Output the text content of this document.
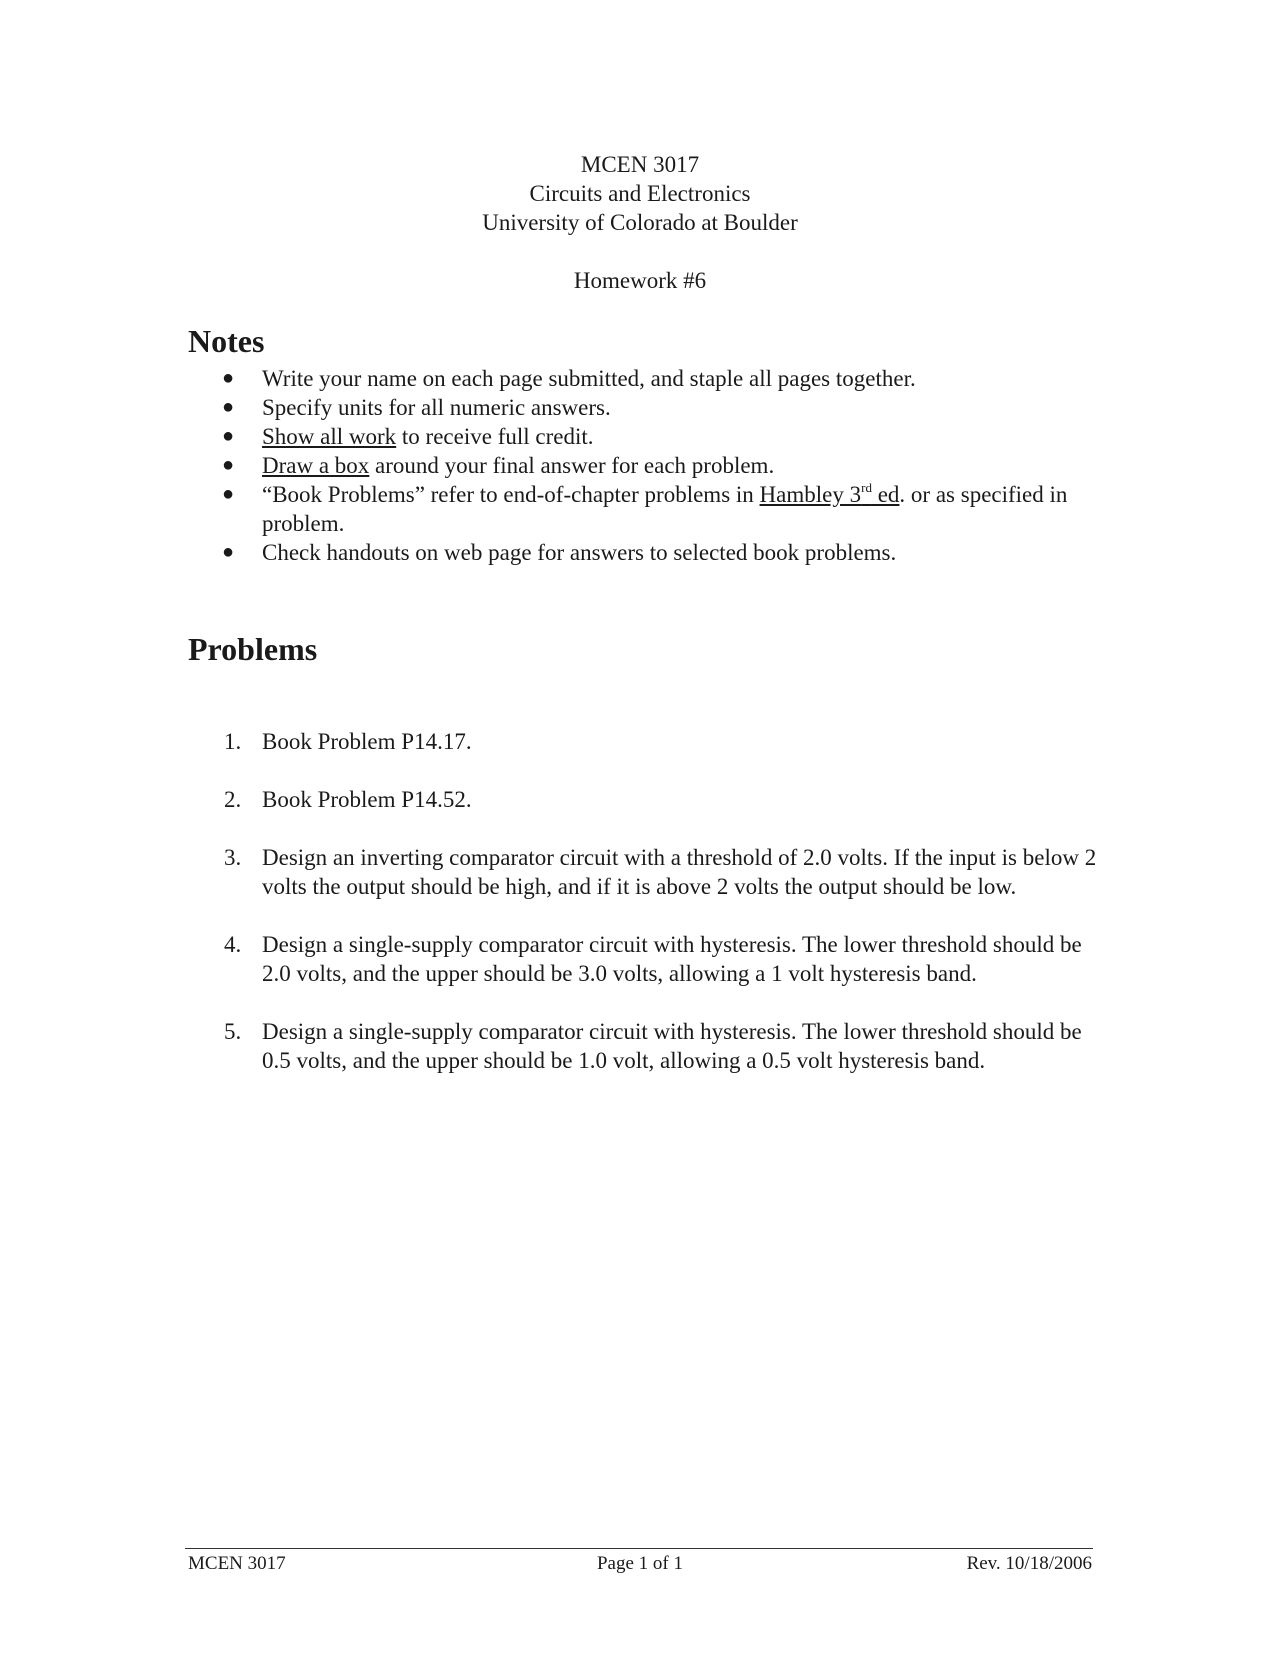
MCEN 3017
Circuits and Electronics
University of Colorado at Boulder
Homework #6
Notes

● Write your name on each page submitted, and staple all pages together.

● Specify units for all numeric answers.

● Show all work to receive full credit.

● Draw a box around your final answer for each problem.

● “Book Problems” refer to end-of-chapter problems in Hambley 3rd ed. or as specified in problem.

● Check handouts on web page for answers to selected book problems.

Problems

1. Book Problem P14.17.

2. Book Problem P14.52.

3. Design an inverting comparator circuit with a threshold of 2.0 volts. If the input is below 2 volts the output should be high, and if it is above 2 volts the output should be low.

4. Design a single-supply comparator circuit with hysteresis. The lower threshold should be 2.0 volts, and the upper should be 3.0 volts, allowing a 1 volt hysteresis band.

5. Design a single-supply comparator circuit with hysteresis. The lower threshold should be 0.5 volts, and the upper should be 1.0 volt, allowing a 0.5 volt hysteresis band.

MCEN 3017	Page 1 of 1	Rev. 10/18/2006
